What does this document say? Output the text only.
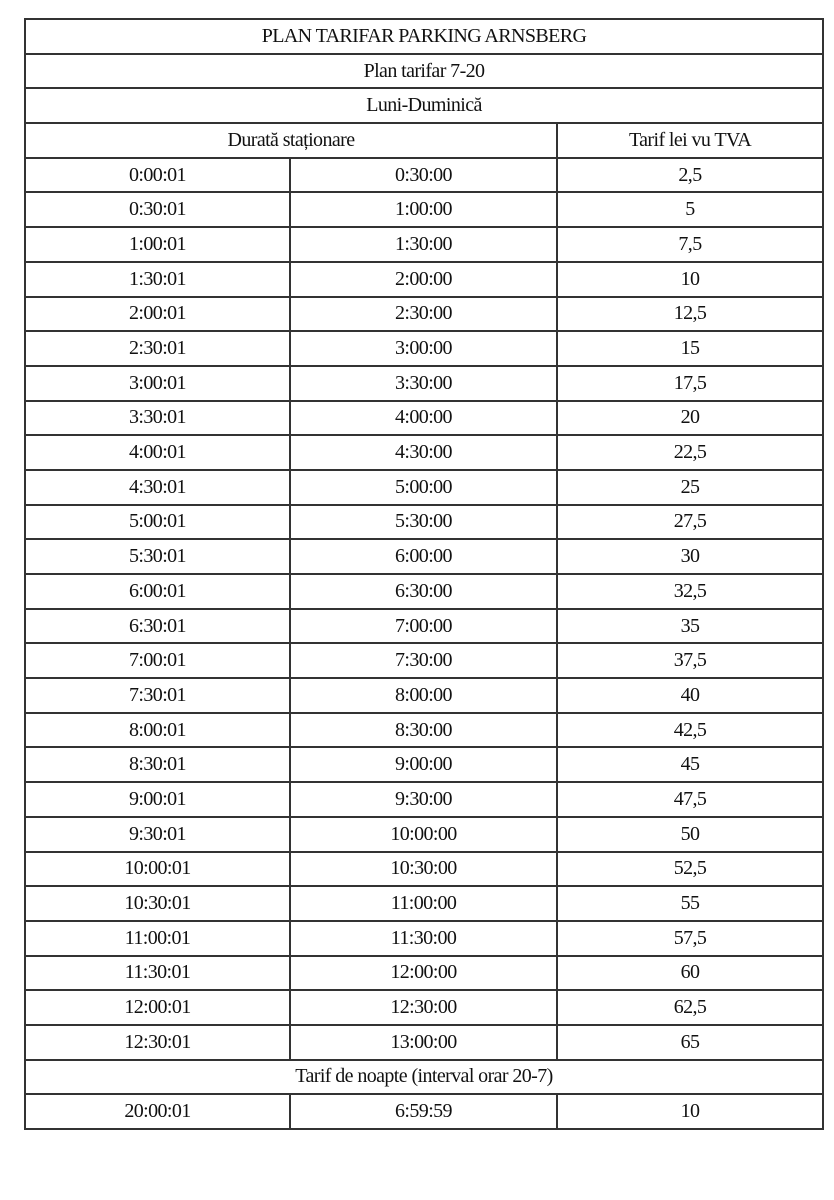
PLAN TARIFAR PARKING ARNSBERG		
Plan tarifar 7-20		
Luni-Duminică		
Durată staționare		Tarif lei vu TVA
0:00:01	0:30:00	2,5
0:30:01	1:00:00	5
1:00:01	1:30:00	7,5
1:30:01	2:00:00	10
2:00:01	2:30:00	12,5
2:30:01	3:00:00	15
3:00:01	3:30:00	17,5
3:30:01	4:00:00	20
4:00:01	4:30:00	22,5
4:30:01	5:00:00	25
5:00:01	5:30:00	27,5
5:30:01	6:00:00	30
6:00:01	6:30:00	32,5
6:30:01	7:00:00	35
7:00:01	7:30:00	37,5
7:30:01	8:00:00	40
8:00:01	8:30:00	42,5
8:30:01	9:00:00	45
9:00:01	9:30:00	47,5
9:30:01	10:00:00	50
10:00:01	10:30:00	52,5
10:30:01	11:00:00	55
11:00:01	11:30:00	57,5
11:30:01	12:00:00	60
12:00:01	12:30:00	62,5
12:30:01	13:00:00	65
Tarif de noapte (interval orar 20-7)		
20:00:01	6:59:59	10
